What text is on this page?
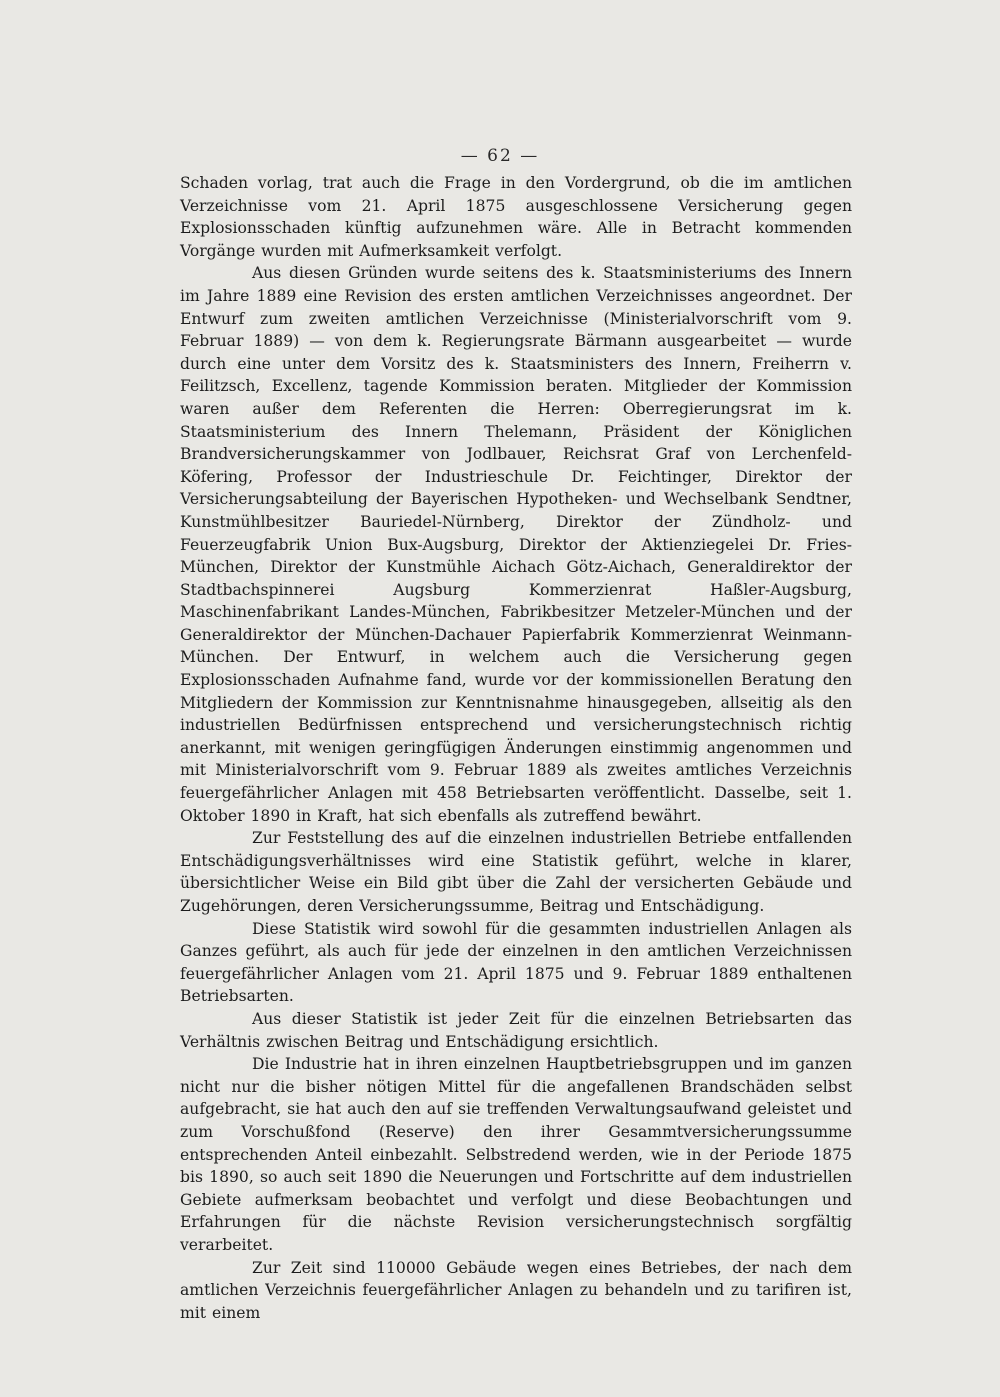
— 62 —

Schaden vorlag, trat auch die Frage in den Vordergrund, ob die im amtlichen Verzeichnisse vom 21. April 1875 ausgeschlossene Versicherung gegen Explosionsschaden künftig aufzunehmen wäre. Alle in Betracht kommenden Vorgänge wurden mit Aufmerksamkeit verfolgt.

Aus diesen Gründen wurde seitens des k. Staatsministeriums des Innern im Jahre 1889 eine Revision des ersten amtlichen Verzeichnisses angeordnet. Der Entwurf zum zweiten amtlichen Verzeichnisse (Ministerialvorschrift vom 9. Februar 1889) — von dem k. Regierungsrate Bärmann ausgearbeitet — wurde durch eine unter dem Vorsitz des k. Staatsministers des Innern, Freiherrn v. Feilitzsch, Excellenz, tagende Kommission beraten. Mitglieder der Kommission waren außer dem Referenten die Herren: Oberregierungsrat im k. Staatsministerium des Innern Thelemann, Präsident der Königlichen Brandversicherungskammer von Jodlbauer, Reichsrat Graf von Lerchenfeld-Köfering, Professor der Industrieschule Dr. Feichtinger, Direktor der Versicherungsabteilung der Bayerischen Hypotheken- und Wechselbank Sendtner, Kunstmühlbesitzer Bauriedel-Nürnberg, Direktor der Zündholz- und Feuerzeugfabrik Union Bux-Augsburg, Direktor der Aktienziegelei Dr. Fries-München, Direktor der Kunstmühle Aichach Götz-Aichach, Generaldirektor der Stadtbachspinnerei Augsburg Kommerzienrat Haßler-Augsburg, Maschinenfabrikant Landes-München, Fabrikbesitzer Metzeler-München und der Generaldirektor der München-Dachauer Papierfabrik Kommerzienrat Weinmann-München. Der Entwurf, in welchem auch die Versicherung gegen Explosionsschaden Aufnahme fand, wurde vor der kommissionellen Beratung den Mitgliedern der Kommission zur Kenntnisnahme hinausgegeben, allseitig als den industriellen Bedürfnissen entsprechend und versicherungstechnisch richtig anerkannt, mit wenigen geringfügigen Änderungen einstimmig angenommen und mit Ministerialvorschrift vom 9. Februar 1889 als zweites amtliches Verzeichnis feuergefährlicher Anlagen mit 458 Betriebsarten veröffentlicht. Dasselbe, seit 1. Oktober 1890 in Kraft, hat sich ebenfalls als zutreffend bewährt.

Zur Feststellung des auf die einzelnen industriellen Betriebe entfallenden Entschädigungsverhältnisses wird eine Statistik geführt, welche in klarer, übersichtlicher Weise ein Bild gibt über die Zahl der versicherten Gebäude und Zugehörungen, deren Versicherungssumme, Beitrag und Entschädigung.

Diese Statistik wird sowohl für die gesammten industriellen Anlagen als Ganzes geführt, als auch für jede der einzelnen in den amtlichen Verzeichnissen feuergefährlicher Anlagen vom 21. April 1875 und 9. Februar 1889 enthaltenen Betriebsarten.

Aus dieser Statistik ist jeder Zeit für die einzelnen Betriebsarten das Verhältnis zwischen Beitrag und Entschädigung ersichtlich.

Die Industrie hat in ihren einzelnen Hauptbetriebsgruppen und im ganzen nicht nur die bisher nötigen Mittel für die angefallenen Brandschäden selbst aufgebracht, sie hat auch den auf sie treffenden Verwaltungsaufwand geleistet und zum Vorschußfond (Reserve) den ihrer Gesammtversicherungssumme entsprechenden Anteil einbezahlt. Selbstredend werden, wie in der Periode 1875 bis 1890, so auch seit 1890 die Neuerungen und Fortschritte auf dem industriellen Gebiete aufmerksam beobachtet und verfolgt und diese Beobachtungen und Erfahrungen für die nächste Revision versicherungstechnisch sorgfältig verarbeitet.

Zur Zeit sind 110000 Gebäude wegen eines Betriebes, der nach dem amtlichen Verzeichnis feuergefährlicher Anlagen zu behandeln und zu tarifiren ist, mit einem
